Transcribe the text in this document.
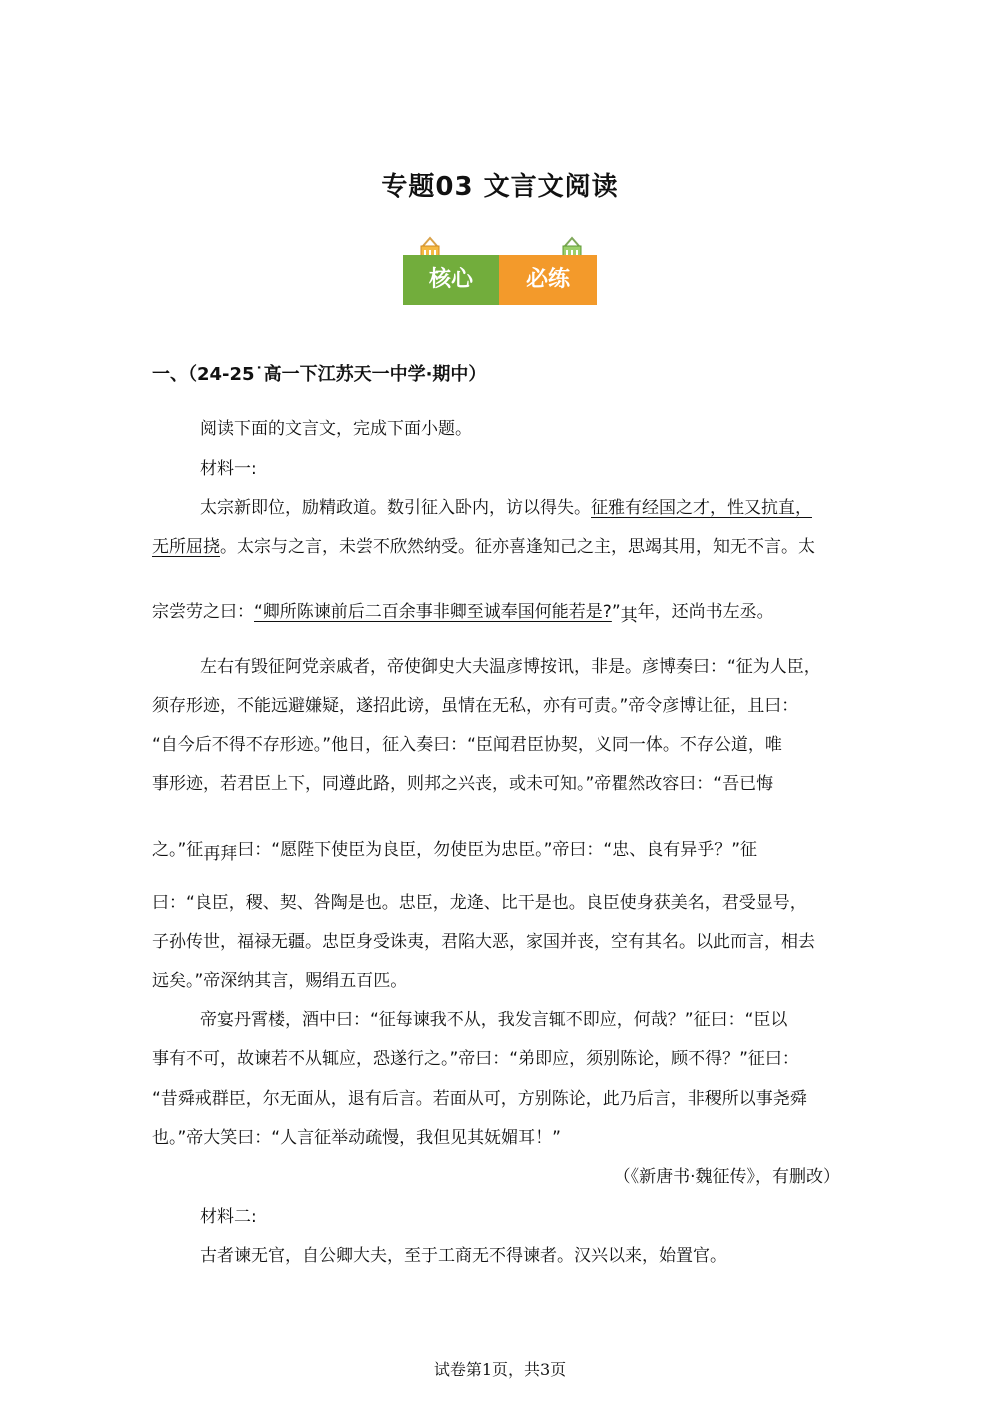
专题03 文言文阅读
核心	必练
一、（24-25˙高一下江苏天一中学·期中）
阅读下面的文言文，完成下面小题。
材料一:
太宗新即位，励精政道。数引征入卧内，访以得失。征雅有经国之才，性又抗直，
无所屈挠。太宗与之言，未尝不欣然纳受。征亦喜逢知己之主，思竭其用，知无不言。太
宗尝劳之曰：“卿所陈谏前后二百余事非卿至诚奉国何能若是?”其年，还尚书左丞。
左右有毁征阿党亲戚者，帝使御史大夫温彦博按讯，非是。彦博奏曰：“征为人臣，
须存形迹，不能远避嫌疑，遂招此谤，虽情在无私，亦有可责。”帝令彦博让征，且曰：
“自今后不得不存形迹。”他日，征入奏曰：“臣闻君臣协契，义同一体。不存公道，唯
事形迹，若君臣上下，同遵此路，则邦之兴丧，或未可知。”帝瞿然改容曰：“吾已悔
之。”征再拜曰：“愿陛下使臣为良臣，勿使臣为忠臣。”帝曰：“忠、良有异乎？”征
曰：“良臣，稷、契、咎陶是也。忠臣，龙逄、比干是也。良臣使身获美名，君受显号，
子孙传世，福禄无疆。忠臣身受诛夷，君陷大恶，家国并丧，空有其名。以此而言，相去
远矣。”帝深纳其言，赐绢五百匹。
帝宴丹霄楼，酒中曰：“征每谏我不从，我发言辄不即应，何哉？”征曰：“臣以
事有不可，故谏若不从辄应，恐遂行之。”帝曰：“弟即应，须别陈论，顾不得？”征曰：
“昔舜戒群臣，尔无面从，退有后言。若面从可，方别陈论，此乃后言，非稷所以事尧舜
也。”帝大笑曰：“人言征举动疏慢，我但见其妩媚耳！”
（《新唐书·魏征传》，有删改）
材料二:
古者谏无官，自公卿大夫，至于工商无不得谏者。汉兴以来，始置官。
试卷第1页，共3页
